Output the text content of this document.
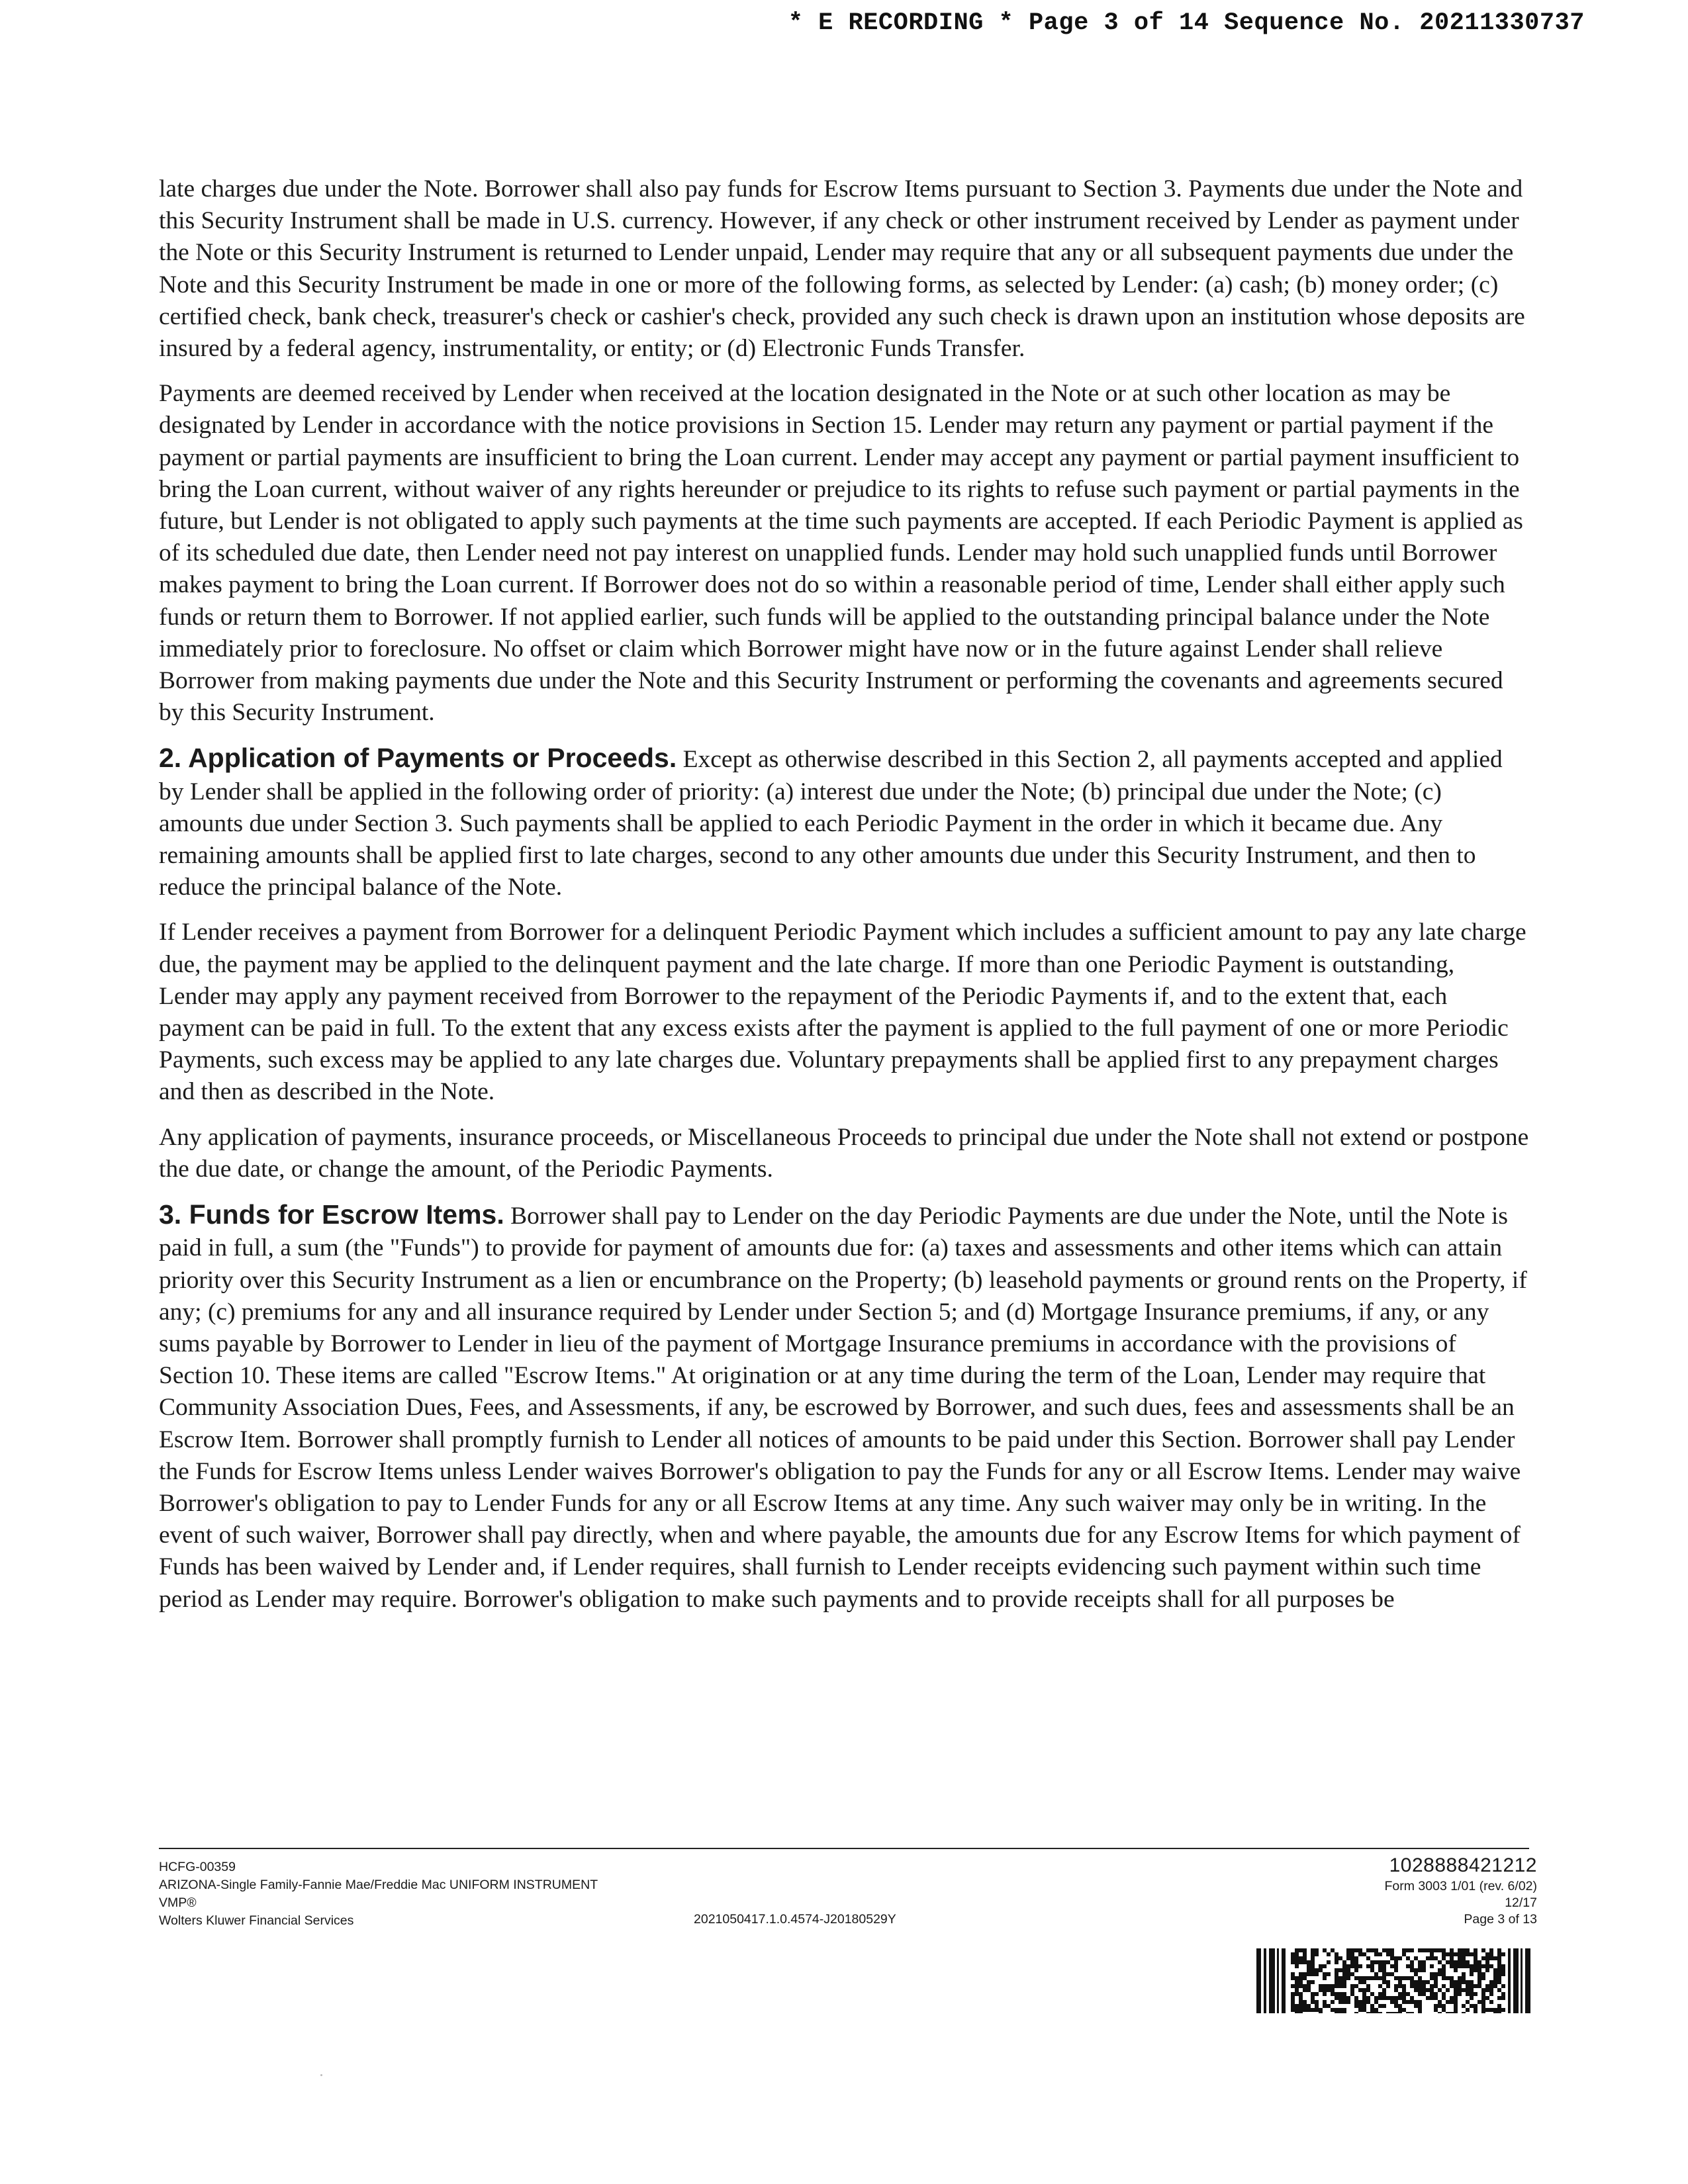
* E RECORDING * Page 3 of 14 Sequence No. 20211330737

late charges due under the Note. Borrower shall also pay funds for Escrow Items pursuant to Section 3. Payments due under the Note and this Security Instrument shall be made in U.S. currency. However, if any check or other instrument received by Lender as payment under the Note or this Security Instrument is returned to Lender unpaid, Lender may require that any or all subsequent payments due under the Note and this Security Instrument be made in one or more of the following forms, as selected by Lender: (a) cash; (b) money order; (c) certified check, bank check, treasurer's check or cashier's check, provided any such check is drawn upon an institution whose deposits are insured by a federal agency, instrumentality, or entity; or (d) Electronic Funds Transfer.

Payments are deemed received by Lender when received at the location designated in the Note or at such other location as may be designated by Lender in accordance with the notice provisions in Section 15. Lender may return any payment or partial payment if the payment or partial payments are insufficient to bring the Loan current. Lender may accept any payment or partial payment insufficient to bring the Loan current, without waiver of any rights hereunder or prejudice to its rights to refuse such payment or partial payments in the future, but Lender is not obligated to apply such payments at the time such payments are accepted. If each Periodic Payment is applied as of its scheduled due date, then Lender need not pay interest on unapplied funds. Lender may hold such unapplied funds until Borrower makes payment to bring the Loan current. If Borrower does not do so within a reasonable period of time, Lender shall either apply such funds or return them to Borrower. If not applied earlier, such funds will be applied to the outstanding principal balance under the Note immediately prior to foreclosure. No offset or claim which Borrower might have now or in the future against Lender shall relieve Borrower from making payments due under the Note and this Security Instrument or performing the covenants and agreements secured by this Security Instrument.

2. Application of Payments or Proceeds. Except as otherwise described in this Section 2, all payments accepted and applied by Lender shall be applied in the following order of priority: (a) interest due under the Note; (b) principal due under the Note; (c) amounts due under Section 3. Such payments shall be applied to each Periodic Payment in the order in which it became due. Any remaining amounts shall be applied first to late charges, second to any other amounts due under this Security Instrument, and then to reduce the principal balance of the Note.

If Lender receives a payment from Borrower for a delinquent Periodic Payment which includes a sufficient amount to pay any late charge due, the payment may be applied to the delinquent payment and the late charge. If more than one Periodic Payment is outstanding, Lender may apply any payment received from Borrower to the repayment of the Periodic Payments if, and to the extent that, each payment can be paid in full. To the extent that any excess exists after the payment is applied to the full payment of one or more Periodic Payments, such excess may be applied to any late charges due. Voluntary prepayments shall be applied first to any prepayment charges and then as described in the Note.

Any application of payments, insurance proceeds, or Miscellaneous Proceeds to principal due under the Note shall not extend or postpone the due date, or change the amount, of the Periodic Payments.

3. Funds for Escrow Items. Borrower shall pay to Lender on the day Periodic Payments are due under the Note, until the Note is paid in full, a sum (the "Funds") to provide for payment of amounts due for: (a) taxes and assessments and other items which can attain priority over this Security Instrument as a lien or encumbrance on the Property; (b) leasehold payments or ground rents on the Property, if any; (c) premiums for any and all insurance required by Lender under Section 5; and (d) Mortgage Insurance premiums, if any, or any sums payable by Borrower to Lender in lieu of the payment of Mortgage Insurance premiums in accordance with the provisions of Section 10. These items are called "Escrow Items." At origination or at any time during the term of the Loan, Lender may require that Community Association Dues, Fees, and Assessments, if any, be escrowed by Borrower, and such dues, fees and assessments shall be an Escrow Item. Borrower shall promptly furnish to Lender all notices of amounts to be paid under this Section. Borrower shall pay Lender the Funds for Escrow Items unless Lender waives Borrower's obligation to pay the Funds for any or all Escrow Items. Lender may waive Borrower's obligation to pay to Lender Funds for any or all Escrow Items at any time. Any such waiver may only be in writing. In the event of such waiver, Borrower shall pay directly, when and where payable, the amounts due for any Escrow Items for which payment of Funds has been waived by Lender and, if Lender requires, shall furnish to Lender receipts evidencing such payment within such time period as Lender may require. Borrower's obligation to make such payments and to provide receipts shall for all purposes be

HCFG-00359
ARIZONA-Single Family-Fannie Mae/Freddie Mac UNIFORM INSTRUMENT
VMP®
Wolters Kluwer Financial Services	2021050417.1.0.4574-J20180529Y
1028888421212
Form 3003 1/01 (rev. 6/02)
12/17
Page 3 of 13
